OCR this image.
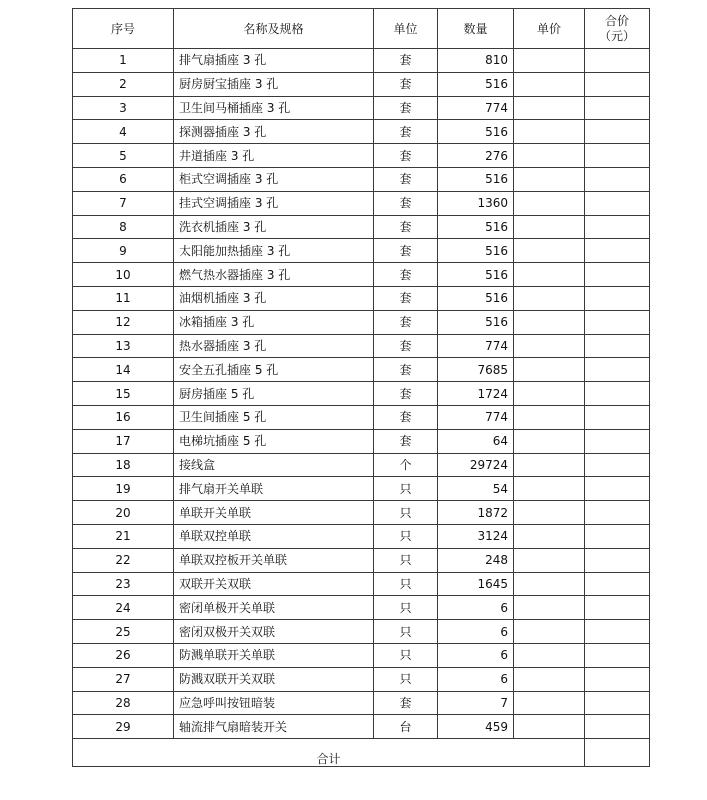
序号	名称及规格	单位	数量	单价	合价
（元）

1	排气扇插座 3 孔	套	810		
2	厨房厨宝插座 3 孔	套	516		
3	卫生间马桶插座 3 孔	套	774		
4	探测器插座 3 孔	套	516		
5	井道插座 3 孔	套	276		
6	柜式空调插座 3 孔	套	516		
7	挂式空调插座 3 孔	套	1360		
8	洗衣机插座 3 孔	套	516		
9	太阳能加热插座 3 孔	套	516		
10	燃气热水器插座 3 孔	套	516		
11	油烟机插座 3 孔	套	516		
12	冰箱插座 3 孔	套	516		
13	热水器插座 3 孔	套	774		
14	安全五孔插座 5 孔	套	7685		
15	厨房插座 5 孔	套	1724		
16	卫生间插座 5 孔	套	774		
17	电梯坑插座 5 孔	套	64		
18	接线盒	个	29724		
19	排气扇开关单联	只	54		
20	单联开关单联	只	1872		
21	单联双控单联	只	3124		
22	单联双控板开关单联	只	248		
23	双联开关双联	只	1645		
24	密闭单极开关单联	只	6		
25	密闭双极开关双联	只	6		
26	防溅单联开关单联	只	6		
27	防溅双联开关双联	只	6		
28	应急呼叫按钮暗装	套	7		
29	轴流排气扇暗装开关	台	459		
合计					
